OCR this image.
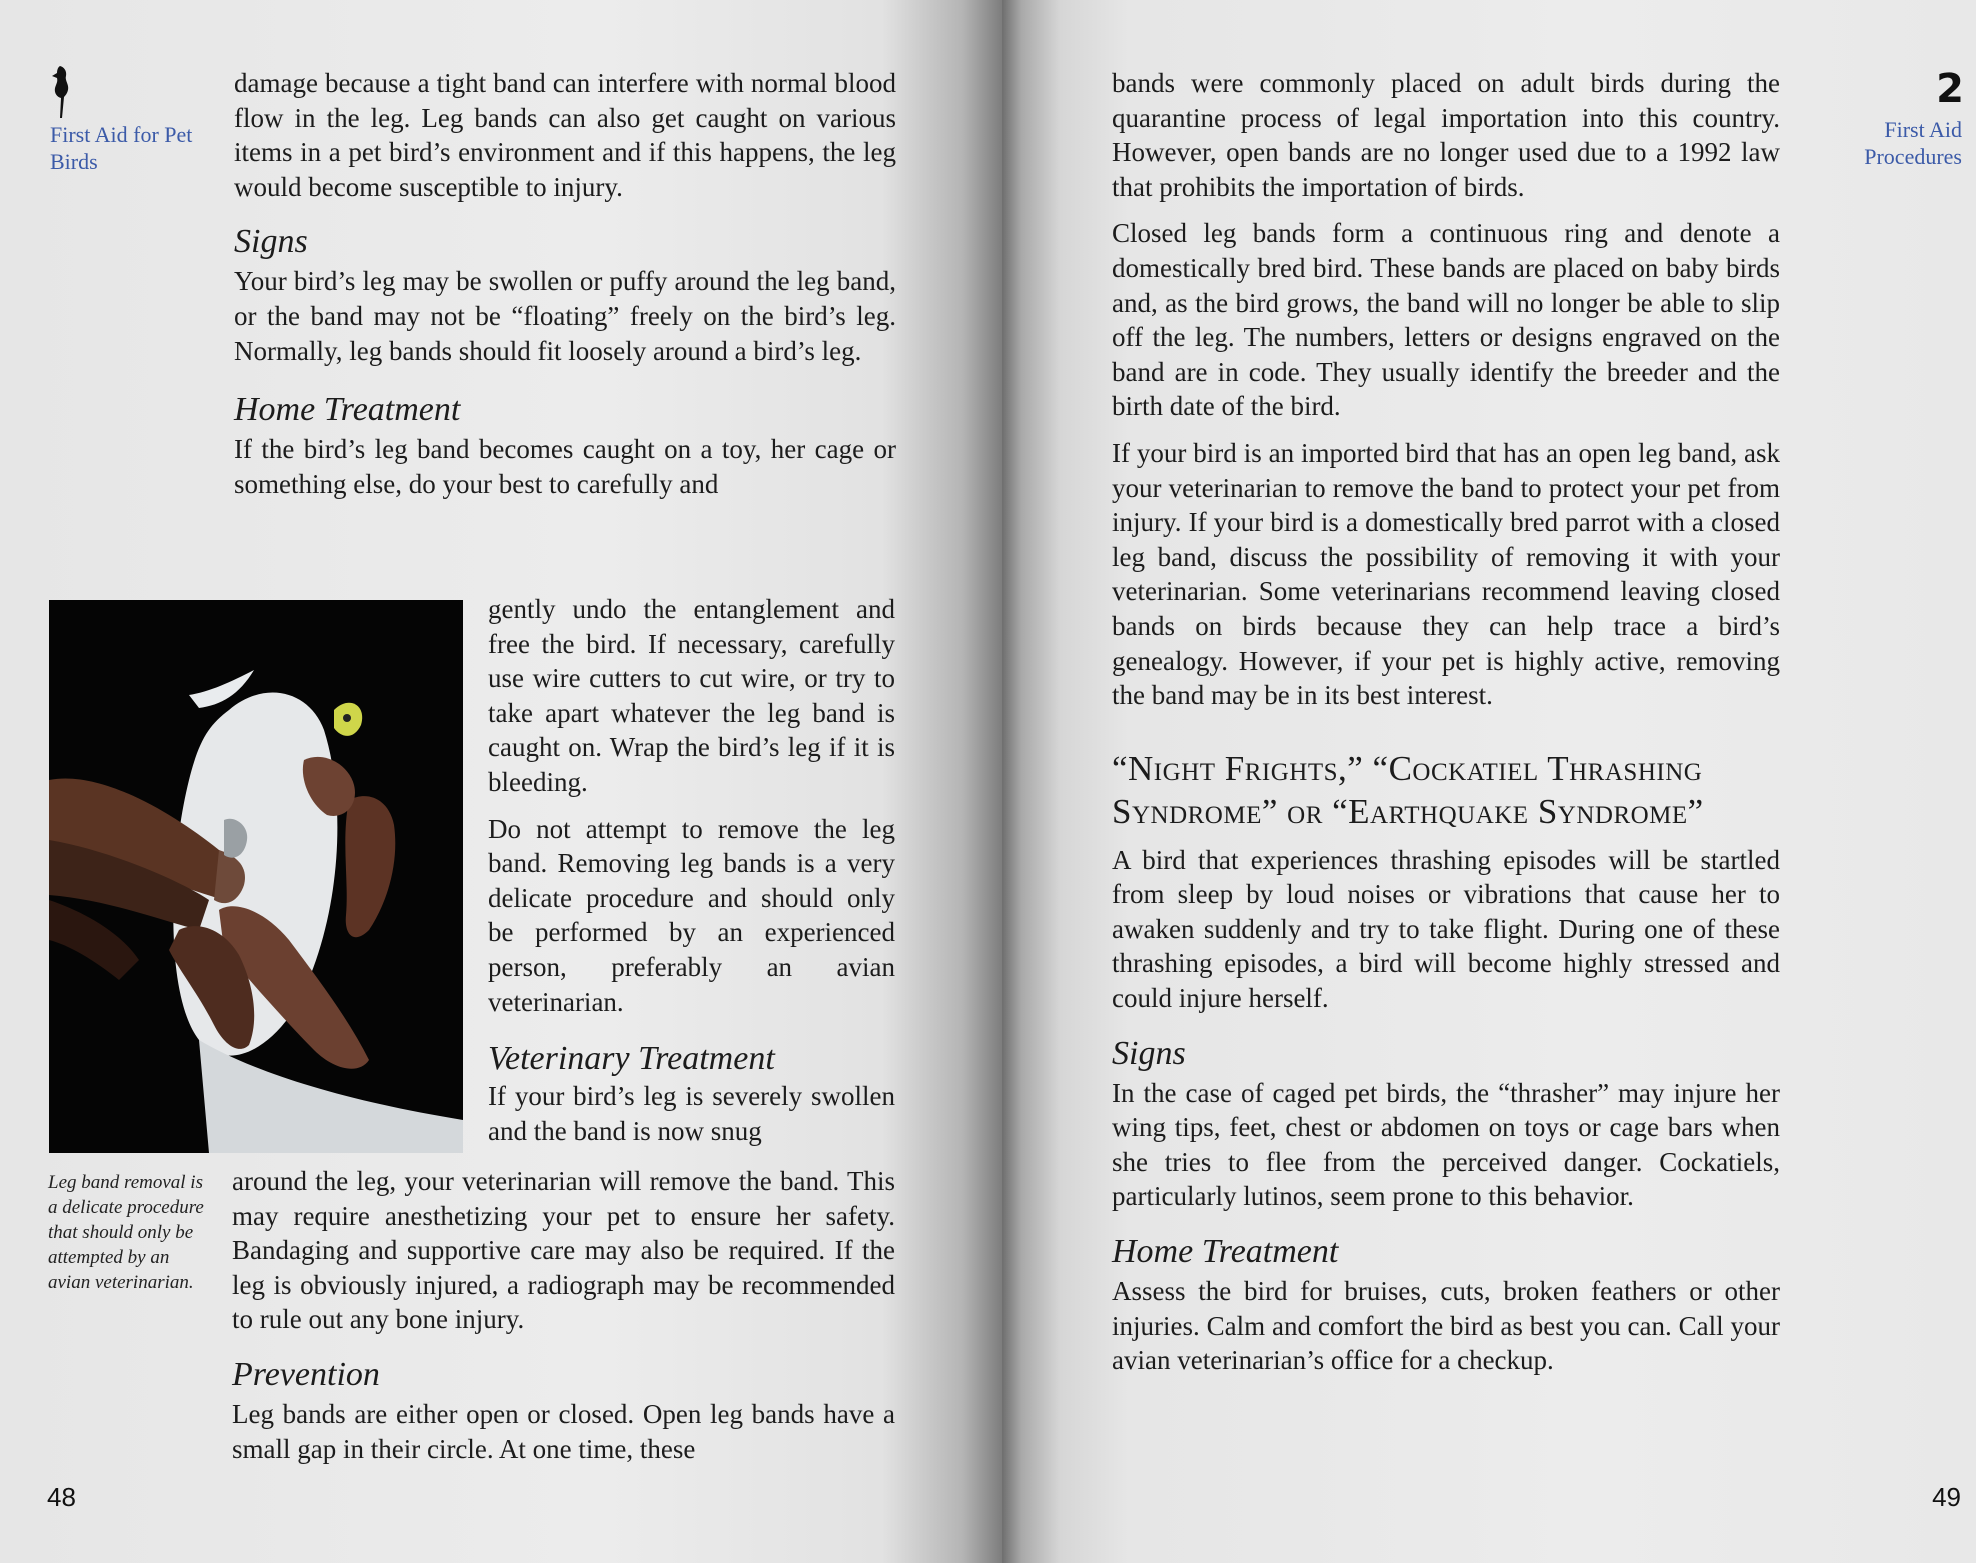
First Aid for Pet Birds

damage because a tight band can interfere with normal blood flow in the leg. Leg bands can also get caught on various items in a pet bird’s environment and if this happens, the leg would become susceptible to injury.

Signs

Your bird’s leg may be swollen or puffy around the leg band, or the band may not be “floating” freely on the bird’s leg. Normally, leg bands should fit loosely around a bird’s leg.

Home Treatment

If the bird’s leg band becomes caught on a toy, her cage or something else, do your best to carefully and

gently undo the entanglement and free the bird. If necessary, carefully use wire cutters to cut wire, or try to take apart whatever the leg band is caught on. Wrap the bird’s leg if it is bleeding.

Do not attempt to remove the leg band. Removing leg bands is a very delicate procedure and should only be performed by an experienced person, preferably an avian veterinarian.

Veterinary Treatment

If your bird’s leg is severely swollen and the band is now snug

Leg band removal is a delicate procedure that should only be attempted by an avian veterinarian.

around the leg, your veterinarian will remove the band. This may require anesthetizing your pet to ensure her safety. Bandaging and supportive care may also be required. If the leg is obviously injured, a radiograph may be recommended to rule out any bone injury.

Prevention

Leg bands are either open or closed. Open leg bands have a small gap in their circle. At one time, these

48
2
First Aid Procedures

bands were commonly placed on adult birds during the quarantine process of legal importation into this country. However, open bands are no longer used due to a 1992 law that prohibits the importation of birds.

Closed leg bands form a continuous ring and denote a domestically bred bird. These bands are placed on baby birds and, as the bird grows, the band will no longer be able to slip off the leg. The numbers, letters or designs engraved on the band are in code. They usually identify the breeder and the birth date of the bird.

If your bird is an imported bird that has an open leg band, ask your veterinarian to remove the band to protect your pet from injury. If your bird is a domestically bred parrot with a closed leg band, discuss the possibility of removing it with your veterinarian. Some veterinarians recommend leaving closed bands on birds because they can help trace a bird’s genealogy. However, if your pet is highly active, removing the band may be in its best interest.

“Night Frights,” “Cockatiel Thrashing Syndrome” or “Earthquake Syndrome”

A bird that experiences thrashing episodes will be startled from sleep by loud noises or vibrations that cause her to awaken suddenly and try to take flight. During one of these thrashing episodes, a bird will become highly stressed and could injure herself.

Signs

In the case of caged pet birds, the “thrasher” may injure her wing tips, feet, chest or abdomen on toys or cage bars when she tries to flee from the perceived danger. Cockatiels, particularly lutinos, seem prone to this behavior.

Home Treatment

Assess the bird for bruises, cuts, broken feathers or other injuries. Calm and comfort the bird as best you can. Call your avian veterinarian’s office for a checkup.

49
